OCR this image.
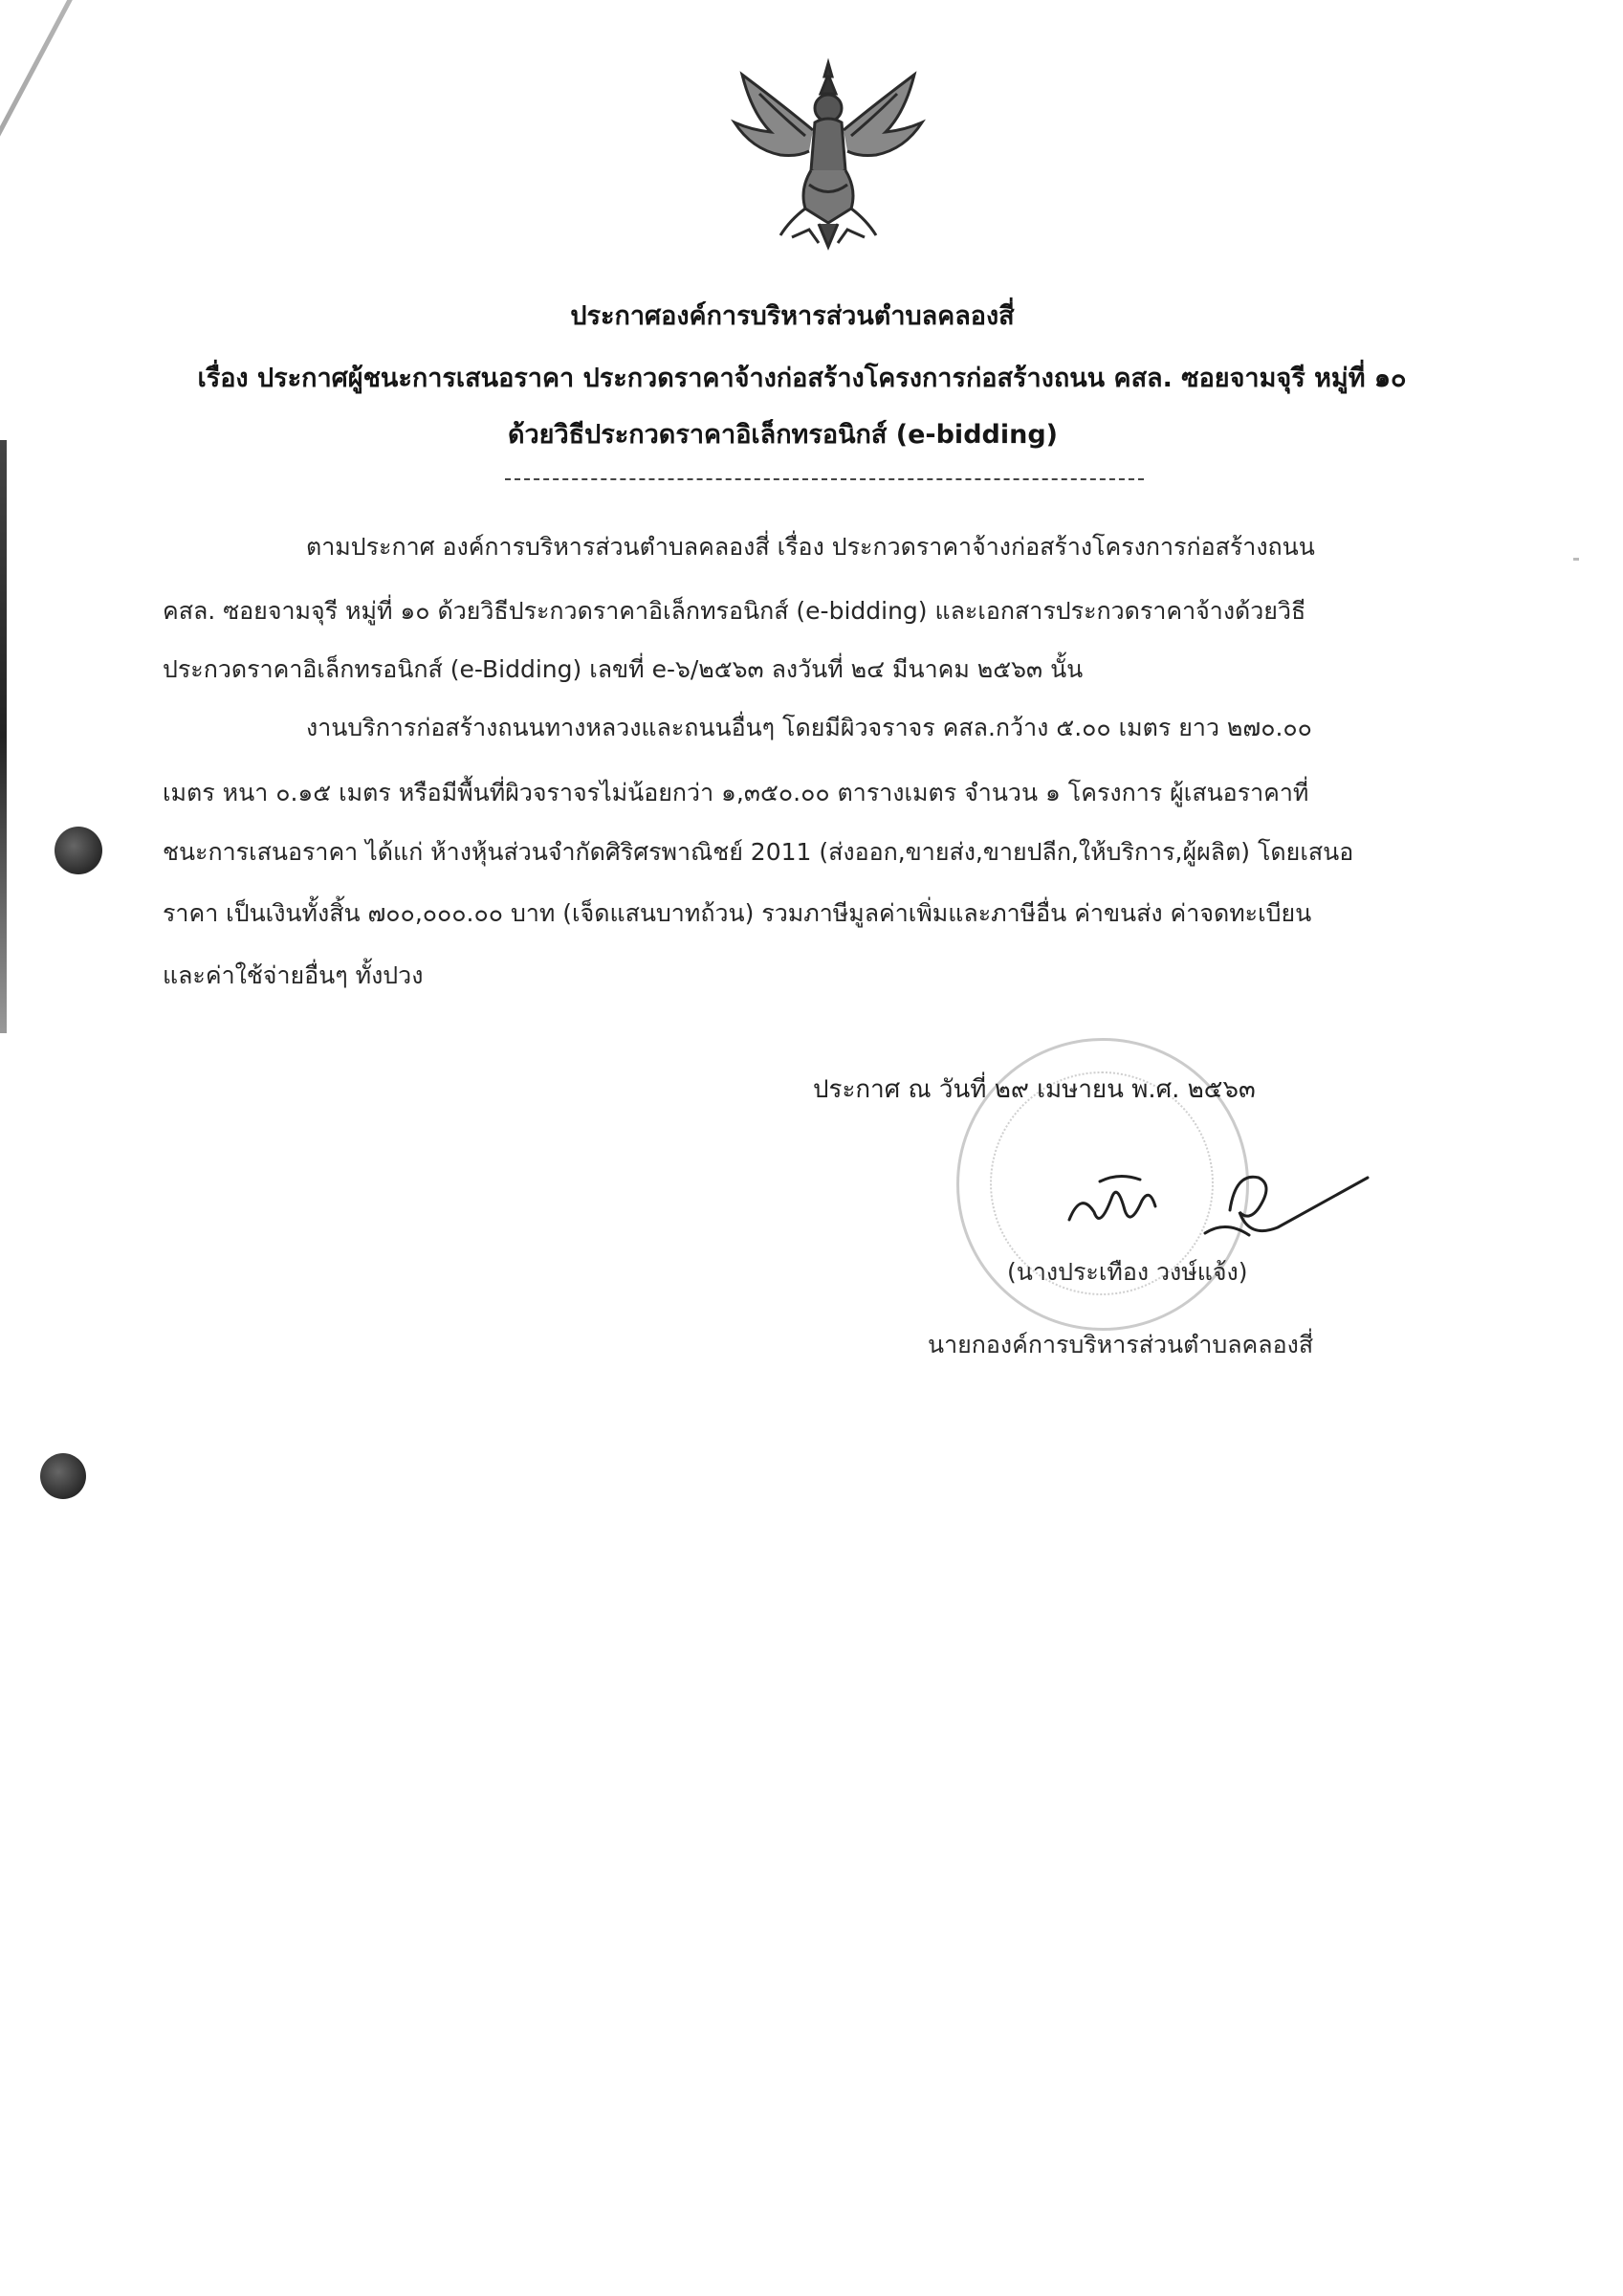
ประกาศองค์การบริหารส่วนตำบลคลองสี่
เรื่อง ประกาศผู้ชนะการเสนอราคา ประกวดราคาจ้างก่อสร้างโครงการก่อสร้างถนน คสล. ซอยจามจุรี หมู่ที่ ๑๐
ด้วยวิธีประกวดราคาอิเล็กทรอนิกส์ (e-bidding)
ตามประกาศ องค์การบริหารส่วนตำบลคลองสี่ เรื่อง ประกวดราคาจ้างก่อสร้างโครงการก่อสร้างถนน
คสล. ซอยจามจุรี หมู่ที่ ๑๐ ด้วยวิธีประกวดราคาอิเล็กทรอนิกส์ (e-bidding) และเอกสารประกวดราคาจ้างด้วยวิธี
ประกวดราคาอิเล็กทรอนิกส์ (e-Bidding) เลขที่ e-๖/๒๕๖๓ ลงวันที่ ๒๔ มีนาคม ๒๕๖๓ นั้น
งานบริการก่อสร้างถนนทางหลวงและถนนอื่นๆ โดยมีผิวจราจร คสล.กว้าง ๕.๐๐ เมตร ยาว ๒๗๐.๐๐
เมตร หนา ๐.๑๕ เมตร หรือมีพื้นที่ผิวจราจรไม่น้อยกว่า ๑,๓๕๐.๐๐ ตารางเมตร จำนวน ๑ โครงการ ผู้เสนอราคาที่
ชนะการเสนอราคา ได้แก่ ห้างหุ้นส่วนจำกัดศิริศรพาณิชย์ 2011 (ส่งออก,ขายส่ง,ขายปลีก,ให้บริการ,ผู้ผลิต) โดยเสนอ
ราคา เป็นเงินทั้งสิ้น ๗๐๐,๐๐๐.๐๐ บาท (เจ็ดแสนบาทถ้วน) รวมภาษีมูลค่าเพิ่มและภาษีอื่น ค่าขนส่ง ค่าจดทะเบียน
และค่าใช้จ่ายอื่นๆ ทั้งปวง
ประกาศ ณ วันที่ ๒๙ เมษายน พ.ศ. ๒๕๖๓
(นางประเทือง วงษ์แจ้ง)
นายกองค์การบริหารส่วนตำบลคลองสี่
